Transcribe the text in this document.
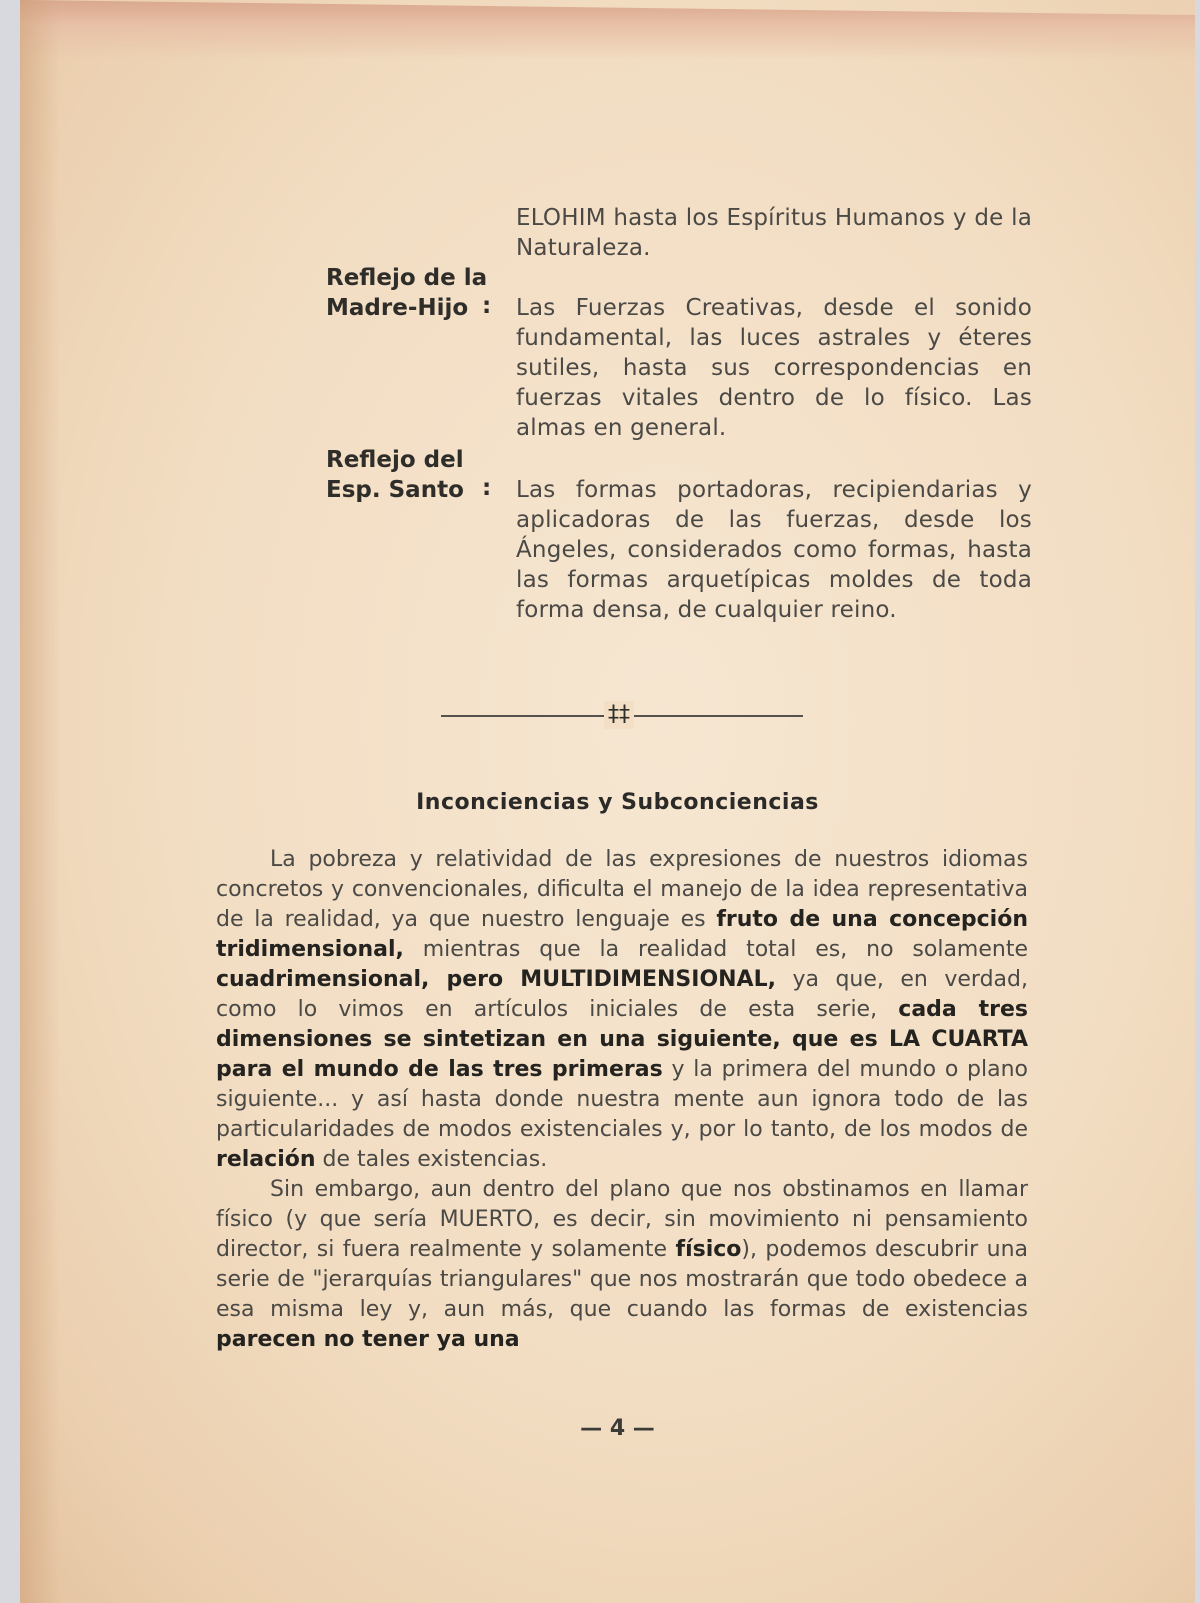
ELOHIM hasta los Espíritus Humanos y de la Naturaleza.
Reflejo de la
Madre-Hijo : Las Fuerzas Creativas, desde el sonido fundamental, las luces astrales y éteres sutiles, hasta sus correspondencias en fuerzas vitales dentro de lo físico. Las almas en general.
Reflejo del
Esp. Santo : Las formas portadoras, recipiendarias y aplicadoras de las fuerzas, desde los Ángeles, considerados como formas, hasta las formas arquetípicas moldes de toda forma densa, de cualquier reino.
‡‡
Inconciencias y Subconciencias

La pobreza y relatividad de las expresiones de nuestros idiomas concretos y convencionales, dificulta el manejo de la idea representativa de la realidad, ya que nuestro lenguaje es fruto de una concepción tridimensional, mientras que la realidad total es, no solamente cuadrimensional, pero MULTIDIMENSIONAL, ya que, en verdad, como lo vimos en artículos iniciales de esta serie, cada tres dimensiones se sintetizan en una siguiente, que es LA CUARTA para el mundo de las tres primeras y la primera del mundo o plano siguiente... y así hasta donde nuestra mente aun ignora todo de las particularidades de modos existenciales y, por lo tanto, de los modos de relación de tales existencias.

Sin embargo, aun dentro del plano que nos obstinamos en llamar físico (y que sería MUERTO, es decir, sin movimiento ni pensamiento director, si fuera realmente y solamente físico), podemos descubrir una serie de "jerarquías triangulares" que nos mostrarán que todo obedece a esa misma ley y, aun más, que cuando las formas de existencias parecen no tener ya una

— 4 —
